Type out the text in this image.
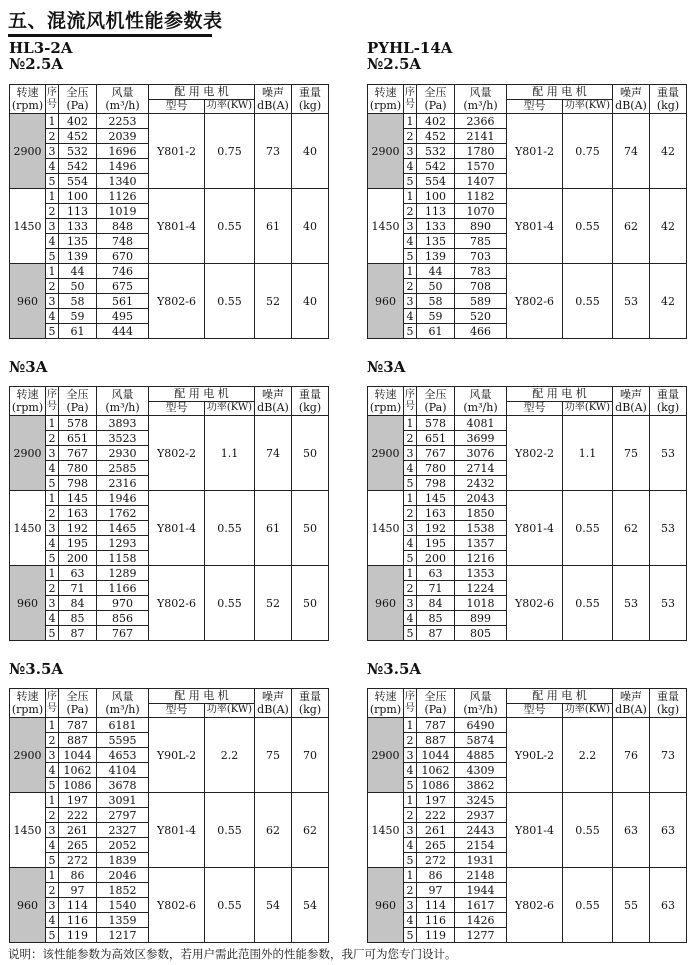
五、混流风机性能参数表
HL3-2A
№2.5A
转速
(rpm)	序号	全压
(Pa)	风量
(m³/h)	配 用 电 机		噪声
dB(A)	重量
(kg)
				型号	功率(KW)		
2900	1	402	2253	Y801-2	0.75	73	40
	2	452	2039				
	3	532	1696				
	4	542	1496				
	5	554	1340				
1450	1	100	1126	Y801-4	0.55	61	40
	2	113	1019				
	3	133	848				
	4	135	748				
	5	139	670				
960	1	44	746	Y802-6	0.55	52	40
	2	50	675				
	3	58	561				
	4	59	495				
	5	61	444				
PYHL-14A
№2.5A
转速
(rpm)	序号	全压
(Pa)	风量
(m³/h)	配 用 电 机		噪声
dB(A)	重量
(kg)
				型号	功率(KW)		
2900	1	402	2366	Y801-2	0.75	74	42
	2	452	2141				
	3	532	1780				
	4	542	1570				
	5	554	1407				
1450	1	100	1182	Y801-4	0.55	62	42
	2	113	1070				
	3	133	890				
	4	135	785				
	5	139	703				
960	1	44	783	Y802-6	0.55	53	42
	2	50	708				
	3	58	589				
	4	59	520				
	5	61	466				
№3A
转速
(rpm)	序号	全压
(Pa)	风量
(m³/h)	配 用 电 机		噪声
dB(A)	重量
(kg)
				型号	功率(KW)		
2900	1	578	3893	Y802-2	1.1	74	50
	2	651	3523				
	3	767	2930				
	4	780	2585				
	5	798	2316				
1450	1	145	1946	Y801-4	0.55	61	50
	2	163	1762				
	3	192	1465				
	4	195	1293				
	5	200	1158				
960	1	63	1289	Y802-6	0.55	52	50
	2	71	1166				
	3	84	970				
	4	85	856				
	5	87	767				
№3A
转速
(rpm)	序号	全压
(Pa)	风量
(m³/h)	配 用 电 机		噪声
dB(A)	重量
(kg)
				型号	功率(KW)		
2900	1	578	4081	Y802-2	1.1	75	53
	2	651	3699				
	3	767	3076				
	4	780	2714				
	5	798	2432				
1450	1	145	2043	Y801-4	0.55	62	53
	2	163	1850				
	3	192	1538				
	4	195	1357				
	5	200	1216				
960	1	63	1353	Y802-6	0.55	53	53
	2	71	1224				
	3	84	1018				
	4	85	899				
	5	87	805				
№3.5A
转速
(rpm)	序号	全压
(Pa)	风量
(m³/h)	配 用 电 机		噪声
dB(A)	重量
(kg)
				型号	功率(KW)		
2900	1	787	6181	Y90L-2	2.2	75	70
	2	887	5595				
	3	1044	4653				
	4	1062	4104				
	5	1086	3678				
1450	1	197	3091	Y801-4	0.55	62	62
	2	222	2797				
	3	261	2327				
	4	265	2052				
	5	272	1839				
960	1	86	2046	Y802-6	0.55	54	54
	2	97	1852				
	3	114	1540				
	4	116	1359				
	5	119	1217				
№3.5A
转速
(rpm)	序号	全压
(Pa)	风量
(m³/h)	配 用 电 机		噪声
dB(A)	重量
(kg)
				型号	功率(KW)		
2900	1	787	6490	Y90L-2	2.2	76	73
	2	887	5874				
	3	1044	4885				
	4	1062	4309				
	5	1086	3862				
1450	1	197	3245	Y801-4	0.55	63	63
	2	222	2937				
	3	261	2443				
	4	265	2154				
	5	272	1931				
960	1	86	2148	Y802-6	0.55	55	63
	2	97	1944				
	3	114	1617				
	4	116	1426				
	5	119	1277				
说明：该性能参数为高效区参数，若用户需此范围外的性能参数，我厂可为您专门设计。
